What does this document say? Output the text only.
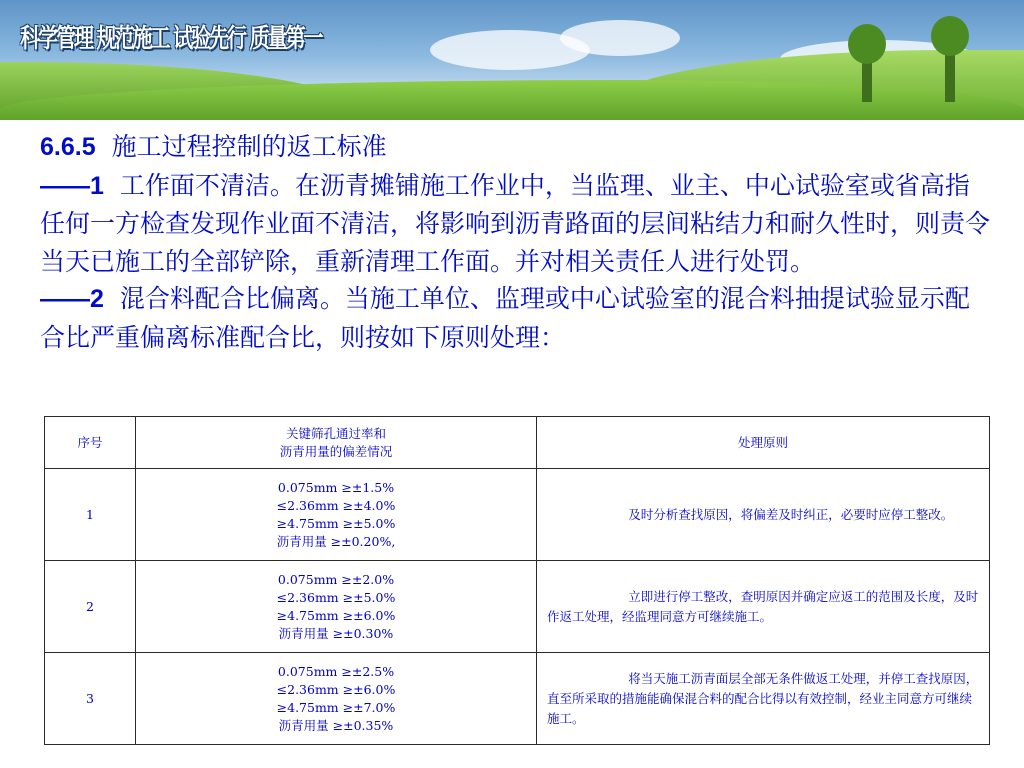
科学管理 规范施工 试验先行 质量第一

6.6.5 施工过程控制的返工标准

——1 工作面不清洁。在沥青摊铺施工作业中，当监理、业主、中心试验室或省高指任何一方检查发现作业面不清洁，将影响到沥青路面的层间粘结力和耐久性时，则责令当天已施工的全部铲除，重新清理工作面。并对相关责任人进行处罚。

——2 混合料配合比偏离。当施工单位、监理或中心试验室的混合料抽提试验显示配合比严重偏离标准配合比，则按如下原则处理：

序号	关键筛孔通过率和
沥青用量的偏差情况	处理原则
1	0.075mm ≥±1.5%
≤2.36mm ≥±4.0%
≥4.75mm ≥±5.0%
沥青用量 ≥±0.20%,	及时分析查找原因，将偏差及时纠正，必要时应停工整改。
2	0.075mm ≥±2.0%
≤2.36mm ≥±5.0%
≥4.75mm ≥±6.0%
沥青用量 ≥±0.30%	立即进行停工整改，查明原因并确定应返工的范围及长度，及时作返工处理，经监理同意方可继续施工。
3	0.075mm ≥±2.5%
≤2.36mm ≥±6.0%
≥4.75mm ≥±7.0%
沥青用量 ≥±0.35%	将当天施工沥青面层全部无条件做返工处理，并停工查找原因，直至所采取的措施能确保混合料的配合比得以有效控制，经业主同意方可继续施工。
